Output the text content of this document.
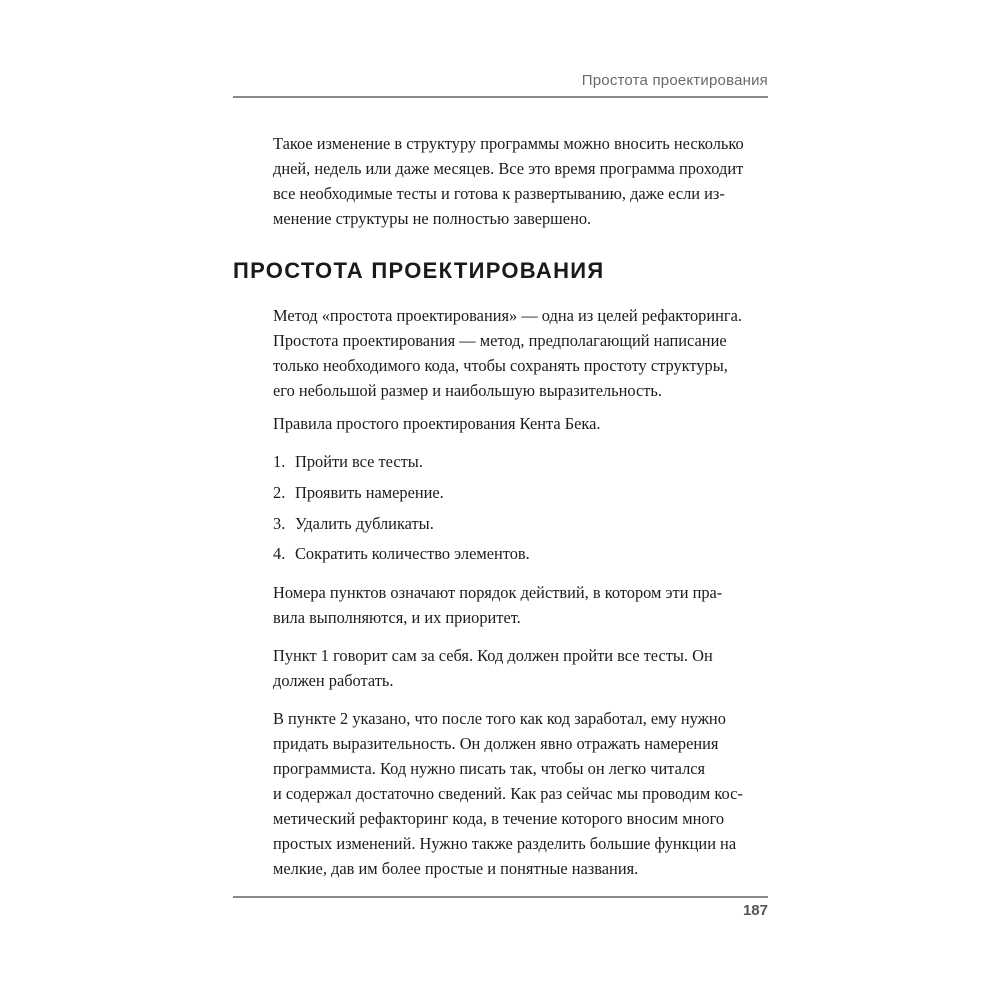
Простота проектирования
Такое изменение в структуру программы можно вносить несколько
дней, недель или даже месяцев. Все это время программа проходит
все необходимые тесты и готова к развертыванию, даже если из-
менение структуры не полностью завершено.
ПРОСТОТА ПРОЕКТИРОВАНИЯ
Метод «простота проектирования» — одна из целей рефакторинга.
Простота проектирования — метод, предполагающий написание
только необходимого кода, чтобы сохранять простоту структуры,
его небольшой размер и наибольшую выразительность.
Правила простого проектирования Кента Бека.
1. Пройти все тесты.
2. Проявить намерение.
3. Удалить дубликаты.
4. Сократить количество элементов.
Номера пунктов означают порядок действий, в котором эти пра-
вила выполняются, и их приоритет.
Пункт 1 говорит сам за себя. Код должен пройти все тесты. Он
должен работать.
В пункте 2 указано, что после того как код заработал, ему нужно
придать выразительность. Он должен явно отражать намерения
программиста. Код нужно писать так, чтобы он легко читался
и содержал достаточно сведений. Как раз сейчас мы проводим кос-
метический рефакторинг кода, в течение которого вносим много
простых изменений. Нужно также разделить большие функции на
мелкие, дав им более простые и понятные названия.
187
